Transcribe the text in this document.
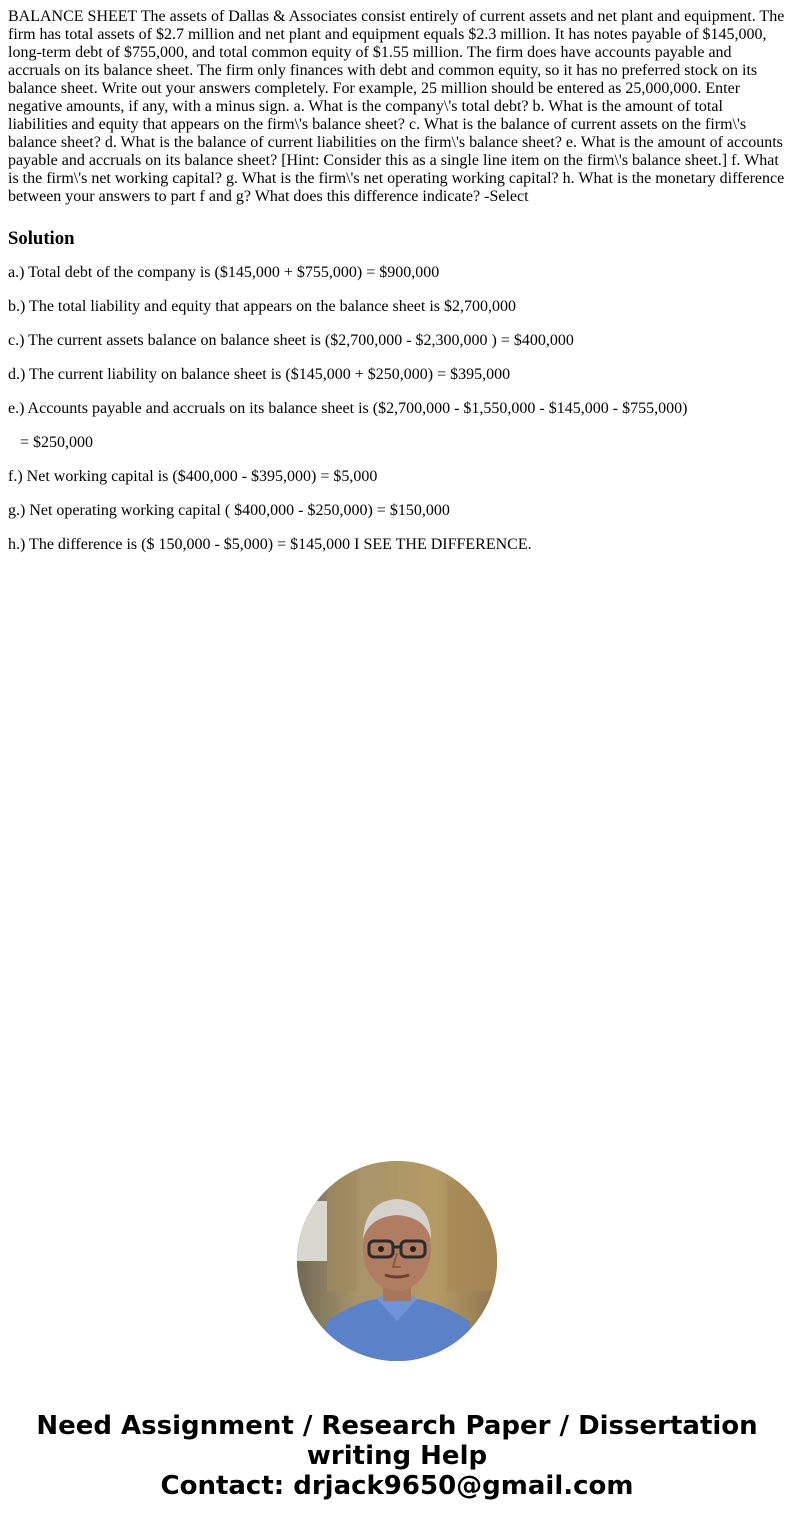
BALANCE SHEET The assets of Dallas & Associates consist entirely of current assets and net plant and equipment. The firm has total assets of $2.7 million and net plant and equipment equals $2.3 million. It has notes payable of $145,000, long-term debt of $755,000, and total common equity of $1.55 million. The firm does have accounts payable and accruals on its balance sheet. The firm only finances with debt and common equity, so it has no preferred stock on its balance sheet. Write out your answers completely. For example, 25 million should be entered as 25,000,000. Enter negative amounts, if any, with a minus sign. a. What is the company\'s total debt? b. What is the amount of total liabilities and equity that appears on the firm\'s balance sheet? c. What is the balance of current assets on the firm\'s balance sheet? d. What is the balance of current liabilities on the firm\'s balance sheet? e. What is the amount of accounts payable and accruals on its balance sheet? [Hint: Consider this as a single line item on the firm\'s balance sheet.] f. What is the firm\'s net working capital? g. What is the firm\'s net operating working capital? h. What is the monetary difference between your answers to part f and g? What does this difference indicate? -Select
Solution
a.) Total debt of the company is ($145,000 + $755,000) = $900,000
b.) The total liability and equity that appears on the balance sheet is $2,700,000
c.) The current assets balance on balance sheet is ($2,700,000 - $2,300,000 ) = $400,000
d.) The current liability on balance sheet is ($145,000 + $250,000) = $395,000
e.) Accounts payable and accruals on its balance sheet is ($2,700,000 - $1,550,000 - $145,000 - $755,000)
= $250,000
f.) Net working capital is ($400,000 - $395,000) = $5,000
g.) Net operating working capital ( $400,000 - $250,000) = $150,000
h.) The difference is ($ 150,000 - $5,000) = $145,000 I SEE THE DIFFERENCE.
Need Assignment / Research Paper / Dissertation writing Help
Contact: drjack9650@gmail.com
